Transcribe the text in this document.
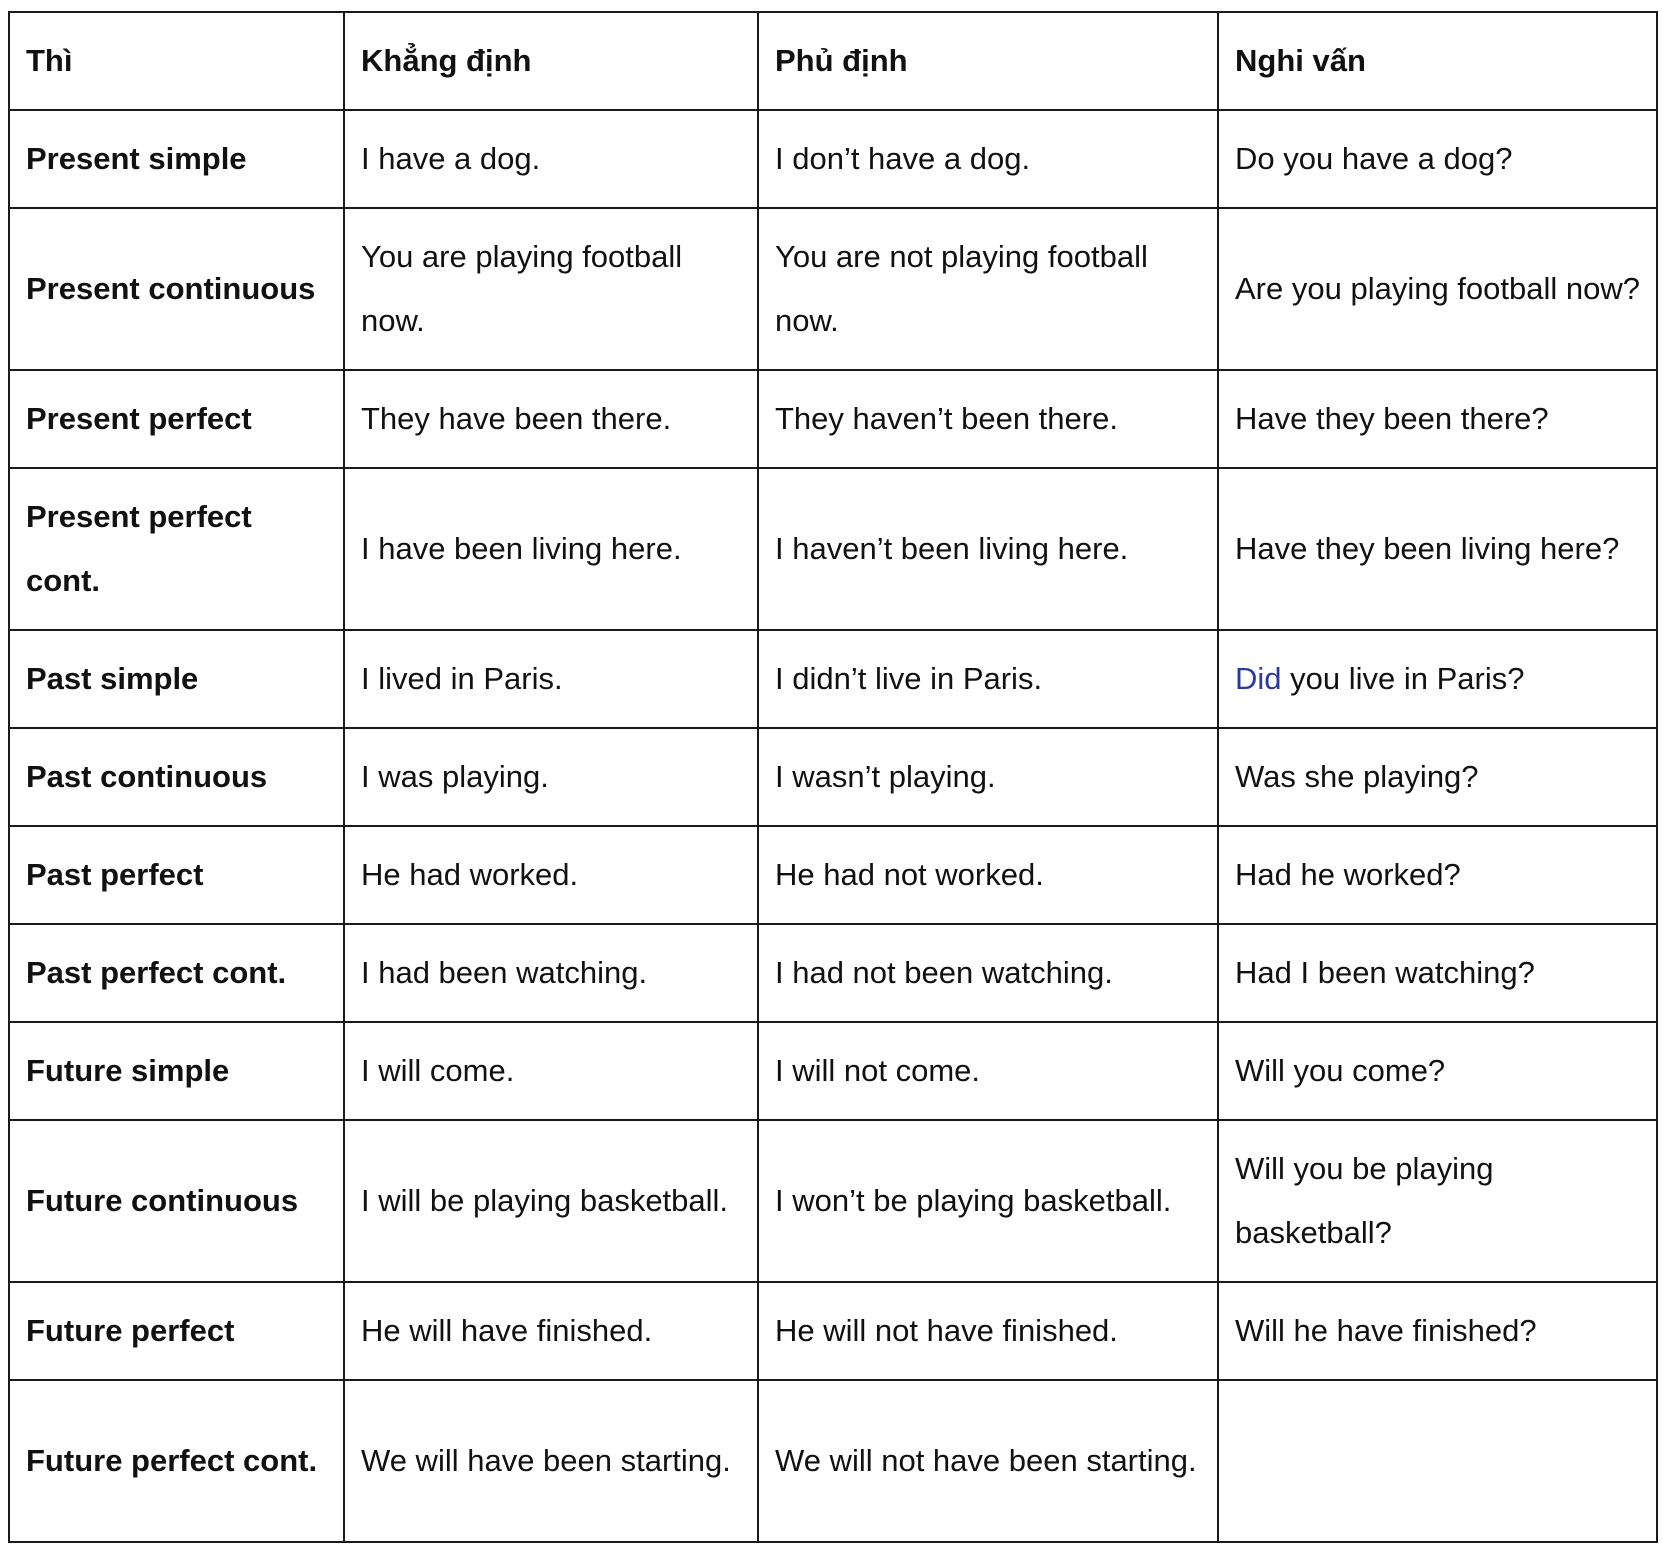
Thì	Khẳng định	Phủ định	Nghi vấn
Present simple	I have a dog.	I don’t have a dog.	Do you have a dog?
Present continuous	You are playing football now.	You are not playing football now.	Are you playing football now?
Present perfect	They have been there.	They haven’t been there.	Have they been there?
Present perfect cont.	I have been living here.	I haven’t been living here.	Have they been living here?
Past simple	I lived in Paris.	I didn’t live in Paris.	Did you live in Paris?
Past continuous	I was playing.	I wasn’t playing.	Was she playing?
Past perfect	He had worked.	He had not worked.	Had he worked?
Past perfect cont.	I had been watching.	I had not been watching.	Had I been watching?
Future simple	I will come.	I will not come.	Will you come?
Future continuous	I will be playing basketball.	I won’t be playing basketball.	Will you be playing basketball?
Future perfect	He will have finished.	He will not have finished.	Will he have finished?
Future perfect cont.	We will have been starting.	We will not have been starting.	
